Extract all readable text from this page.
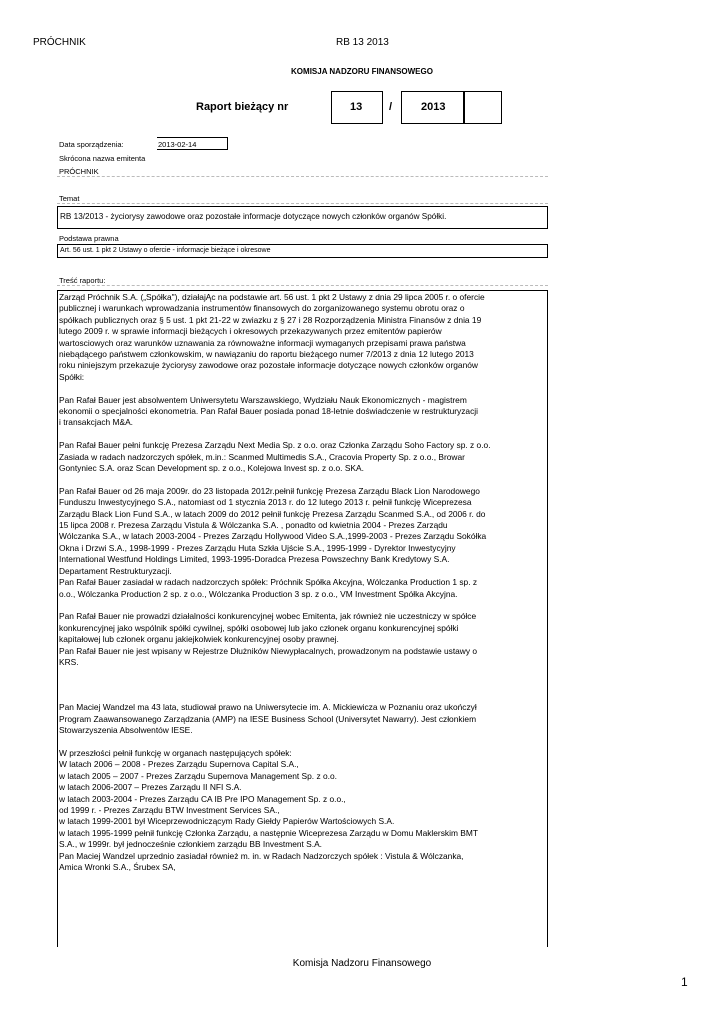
PRÓCHNIK	RB 13 2013
KOMISJA NADZORU FINANSOWEGO
Raport bieżący nr	13 /	2013
Data sporządzenia:	2013-02-14
Skrócona nazwa emitenta
PRÓCHNIK
Temat
RB 13/2013 - życiorysy zawodowe oraz pozostałe informacje dotyczące nowych członków organów Spółki.
Podstawa prawna
Art. 56 ust. 1 pkt 2 Ustawy o ofercie - informacje bieżące i okresowe
Treść raportu:
Zarząd Próchnik S.A. („Spółka"), działajĄc na podstawie art. 56 ust. 1 pkt 2 Ustawy z dnia 29 lipca 2005 r. o ofercie
publicznej i warunkach wprowadzania instrumentów finansowych do zorganizowanego systemu obrotu oraz o
spółkach publicznych oraz § 5 ust. 1 pkt 21-22 w zwiazku z § 27 i 28 Rozporządzenia Ministra Finansów z dnia 19
lutego 2009 r. w sprawie informacji bieżących i okresowych przekazywanych przez emitentów papierów
wartosciowych oraz warunków uznawania za równoważne informacji wymaganych przepisami prawa państwa
niebądącego państwem członkowskim, w nawiązaniu do raportu bieżącego numer 7/2013 z dnia 12 lutego 2013
roku niniejszym przekazuje życiorysy zawodowe oraz pozostałe informacje dotyczące nowych członków organów
Spółki:
Pan Rafał Bauer jest absolwentem Uniwersytetu Warszawskiego, Wydziału Nauk Ekonomicznych - magistrem
ekonomii o specjalności ekonometria. Pan Rafał Bauer posiada ponad 18-letnie doświadczenie w restrukturyzacji
i transakcjach M&A.
Pan Rafał Bauer pełni funkcję Prezesa Zarządu Next Media Sp. z o.o. oraz Członka Zarządu Soho Factory sp. z o.o.
Zasiada w radach nadzorczych spółek, m.in.: Scanmed Multimedis S.A., Cracovia Property Sp. z o.o., Browar
Gontyniec S.A. oraz Scan Development sp. z o.o., Kolejowa Invest sp. z o.o. SKA.
Pan Rafał Bauer od 26 maja 2009r. do 23 listopada 2012r.pełnił funkcję Prezesa Zarządu Black Lion Narodowego
Funduszu Inwestycyjnego S.A., natomiast od 1 stycznia 2013 r. do 12 lutego 2013 r. pełnił funkcję Wiceprezesa
Zarządu Black Lion Fund S.A., w latach 2009 do 2012 pełnił funkcję Prezesa Zarządu Scanmed S.A., od 2006 r. do
15 lipca 2008 r. Prezesa Zarządu Vistula & Wólczanka S.A. , ponadto od kwietnia 2004 - Prezes Zarządu
Wólczanka S.A., w latach 2003-2004 - Prezes Zarządu Hollywood Video S.A.,1999-2003 - Prezes Zarządu Sokółka
Okna i Drzwi S.A., 1998-1999 - Prezes Zarządu Huta Szkła Ujście S.A., 1995-1999 - Dyrektor Inwestycyjny
International Westfund Holdings Limited, 1993-1995-Doradca Prezesa Powszechny Bank Kredytowy S.A.
Departament Restrukturyzacji.
Pan Rafał Bauer zasiadał w radach nadzorczych spółek: Próchnik Spółka Akcyjna, Wólczanka Production 1 sp. z
o.o., Wólczanka Production 2 sp. z o.o., Wólczanka Production 3 sp. z o.o., VM Investment Spółka Akcyjna.
Pan Rafał Bauer nie prowadzi działalności konkurencyjnej wobec Emitenta, jak również nie uczestniczy w spółce
konkurencyjnej jako wspólnik spółki cywilnej, spółki osobowej lub jako członek organu konkurencyjnej spółki
kapitałowej lub członek organu jakiejkolwiek konkurencyjnej osoby prawnej.
Pan Rafał Bauer nie jest wpisany w Rejestrze Dłużników Niewypłacalnych, prowadzonym na podstawie ustawy o
KRS.
Pan Maciej Wandzel ma 43 lata, studiował prawo na Uniwersytecie im. A. Mickiewicza w Poznaniu oraz ukończył
Program Zaawansowanego Zarządzania (AMP) na IESE Business School (Universytet Nawarry). Jest członkiem
Stowarzyszenia Absolwentów IESE.
W przeszłości pełnił funkcję w organach następujących spółek:
W latach 2006 – 2008 - Prezes Zarządu Supernova Capital S.A.,
w latach 2005 – 2007 - Prezes Zarządu Supernova Management Sp. z o.o.
w latach 2006-2007 – Prezes Zarządu II NFI S.A.
w latach 2003-2004 - Prezes Zarządu CA IB Pre IPO Management Sp. z o.o.,
od 1999 r. - Prezes Zarządu BTW Investment Services SA.,
w latach 1999-2001 był Wiceprzewodniczącym Rady Giełdy Papierów Wartościowych S.A.
w latach 1995-1999 pełnił funkcję Członka Zarządu, a następnie Wiceprezesa Zarządu w Domu Maklerskim BMT
S.A., w 1999r. był jednocześnie członkiem zarządu BB Investment S.A.
Pan Maciej Wandzel uprzednio zasiadał również m. in. w Radach Nadzorczych spółek : Vistula & Wólczanka,
Amica Wronki S.A., Śrubex SA,
Komisja Nadzoru Finansowego
1
